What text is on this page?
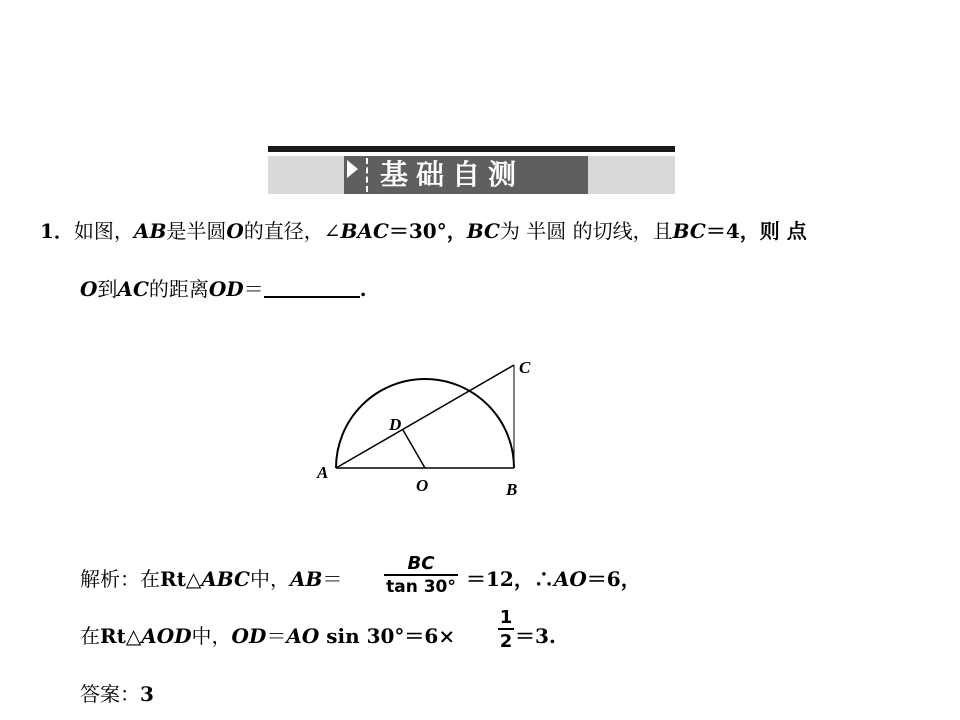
基础自测
1．如图，AB是半圆O的直径，∠BAC＝30°，BC为 半圆 的切线，且BC＝4，则 点
O到AC的距离OD＝	.
C
D
A
O	B
解析：在Rt△ABC中，AB＝
BC
tan 30° ＝12，∴AO＝6，
在Rt△AOD中，OD＝AO sin 30°＝6×
1
2 ＝3.
答案：3
